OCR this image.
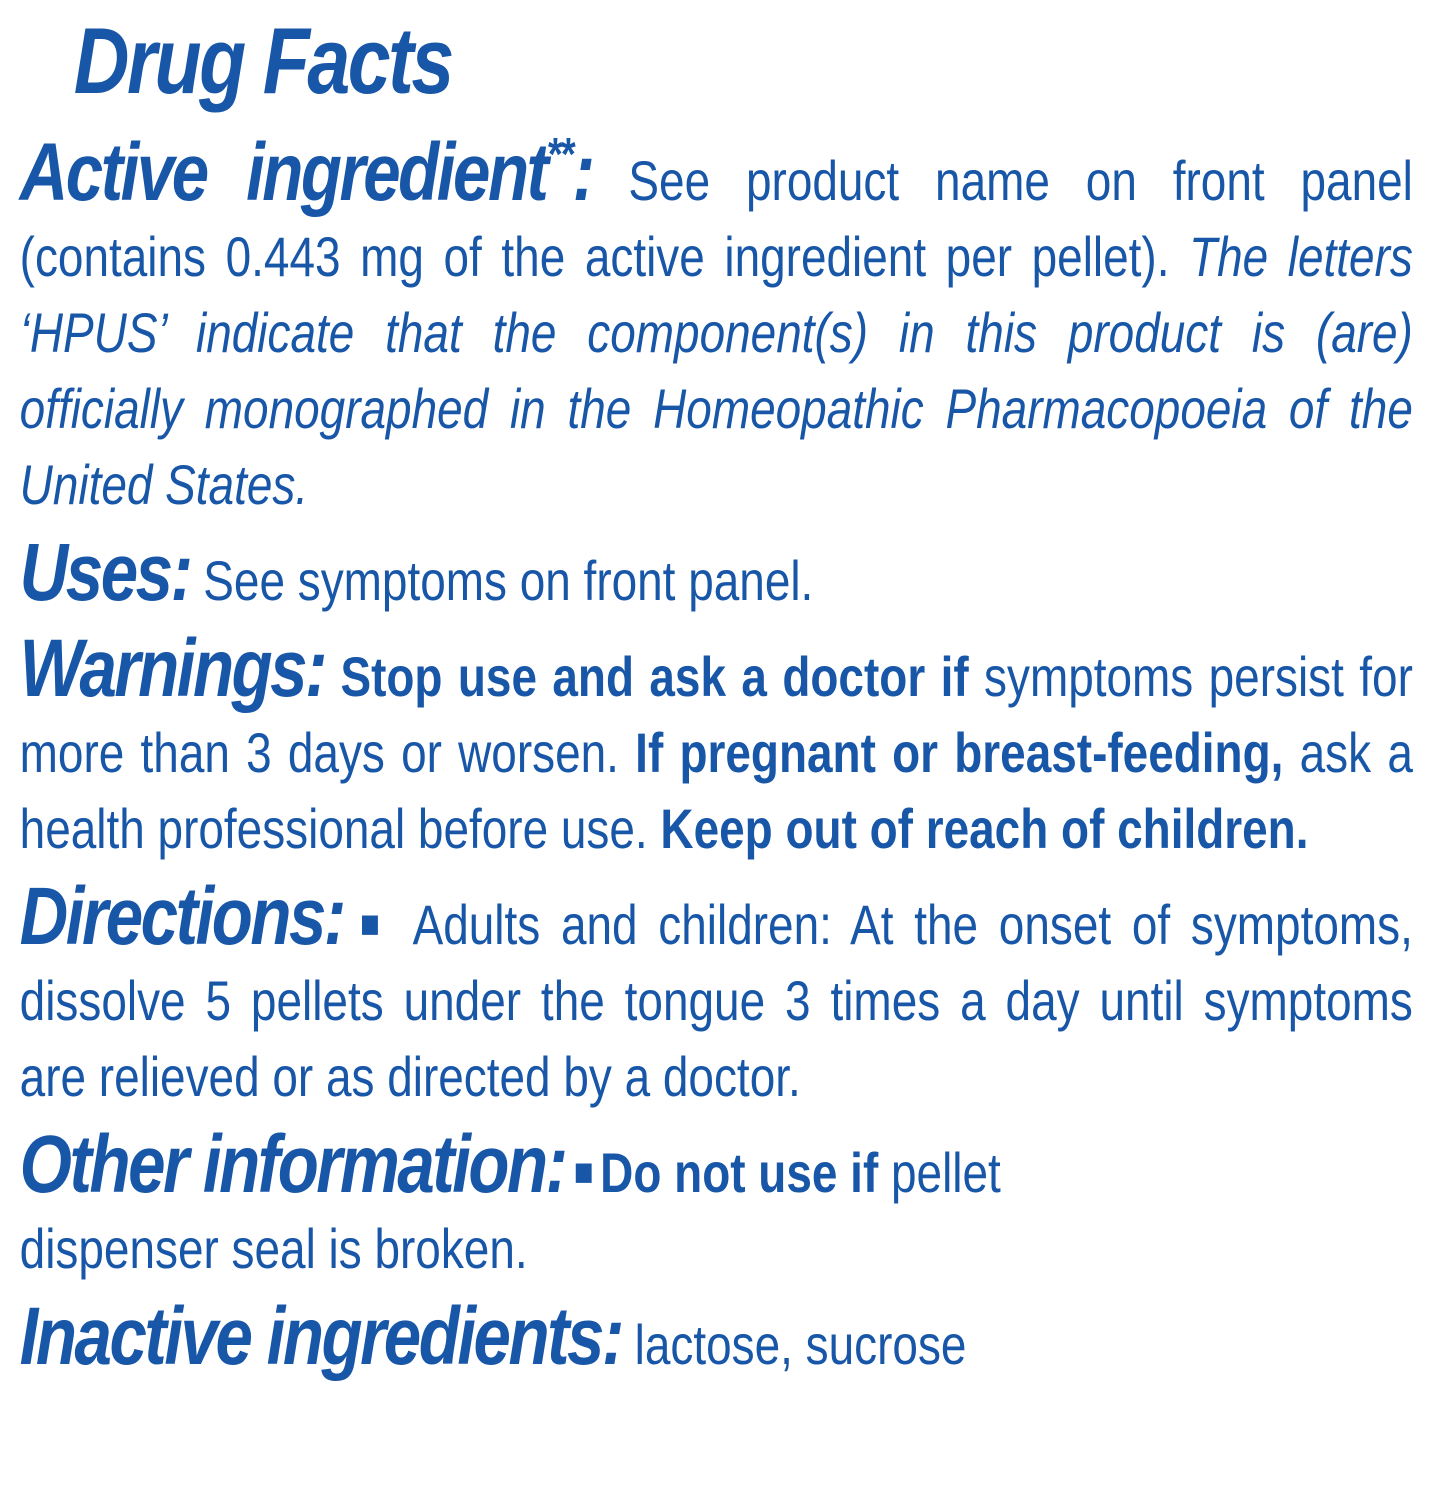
Drug Facts

Active ingredient**: See product name on front panel (contains 0.443 mg of the active ingredient per pellet). The letters ‘HPUS’ indicate that the component(s) in this product is (are) officially monographed in the Homeopathic Pharmacopoeia of the United States.

Uses: See symptoms on front panel.

Warnings: Stop use and ask a doctor if symptoms persist for more than 3 days or worsen. If pregnant or breast-feeding, ask a health professional before use. Keep out of reach of children.

Directions: ■ Adults and children: At the onset of symptoms, dissolve 5 pellets under the tongue 3 times a day until symptoms are relieved or as directed by a doctor.

Other information: ■ Do not use if pellet
dispenser seal is broken.

Inactive ingredients: lactose, sucrose
